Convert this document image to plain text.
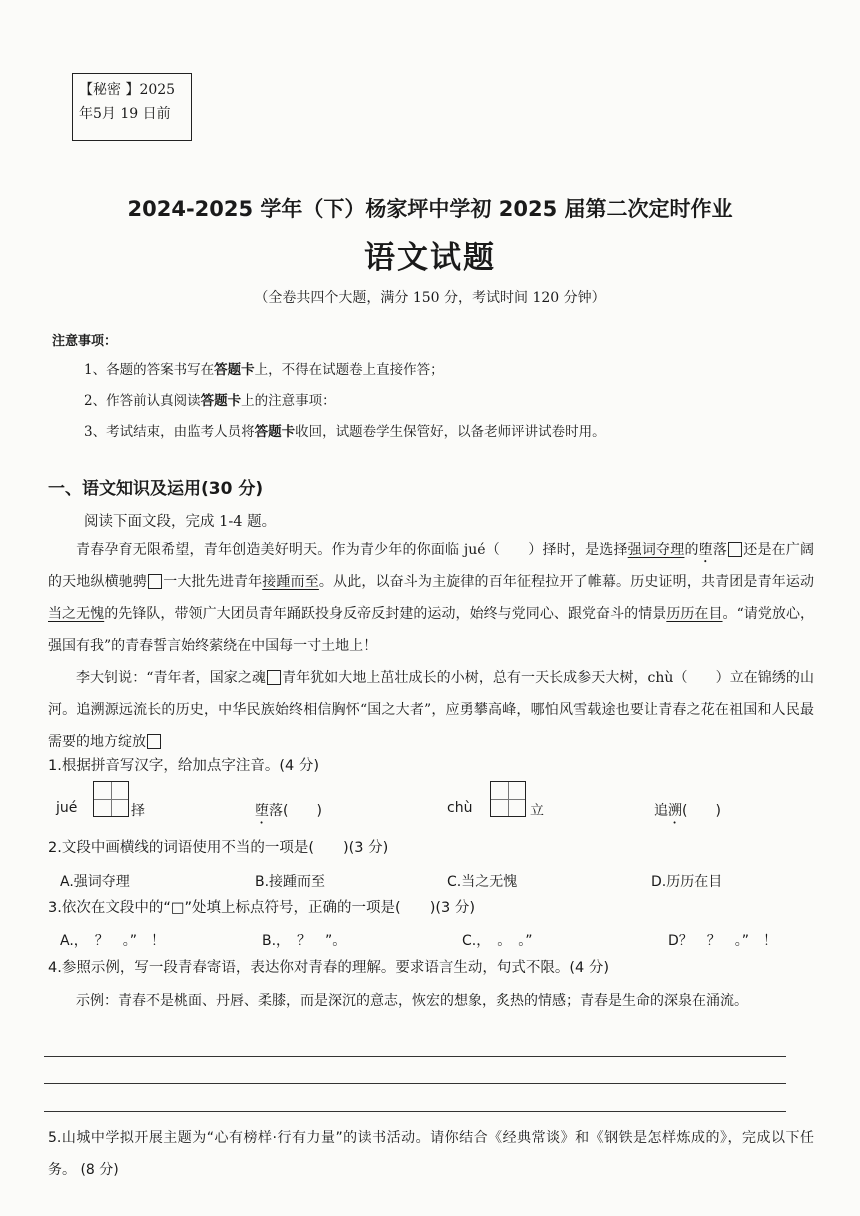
【秘密 】2025
年5月 19 日前
2024-2025 学年（下）杨家坪中学初 2025 届第二次定时作业
语文试题
（全卷共四个大题，满分 150 分，考试时间 120 分钟）
注意事项：
1、各题的答案书写在答题卡上，不得在试题卷上直接作答；
2、作答前认真阅读答题卡上的注意事项：
3、考试结束，由监考人员将答题卡收回，试题卷学生保管好，以备老师评讲试卷时用。
一、语文知识及运用(30 分)
阅读下面文段，完成 1-4 题。
青春孕育无限希望，青年创造美好明天。作为青少年的你面临 jué（　　）择时，是选择强词夺理的堕落 还是在广阔的天地纵横驰骋 一大批先进青年接踵而至。从此，以奋斗为主旋律的百年征程拉开了帷幕。历史证明，共青团是青年运动当之无愧的先锋队，带领广大团员青年踊跃投身反帝反封建的运动，始终与党同心、跟党奋斗的情景历历在目。“请党放心，强国有我”的青春誓言始终萦绕在中国每一寸土地上！
李大钊说：“青年者，国家之魂 青年犹如大地上茁壮成长的小树，总有一天长成参天大树，chù（　　）立在锦绣的山河。追溯源远流长的历史，中华民族始终相信胸怀“国之大者”，应勇攀高峰，哪怕风雪载途也要让青春之花在祖国和人民最需要的地方绽放
1.根据拼音写汉字，给加点字注音。(4 分)
jué	择	堕落(　　)	chù	立	追溯(　　)
2.文段中画横线的词语使用不当的一项是(　　)(3 分)
A.强词夺理	B.接踵而至	C.当之无愧	D.历历在目
3.依次在文段中的“□”处填上标点符号，正确的一项是(　　)(3 分)
A.，　？　。”　！	B.，　？　”。	C.，　。　。”	D？　？　。”　！
4.参照示例，写一段青春寄语，表达你对青春的理解。要求语言生动，句式不限。(4 分)
示例：青春不是桃面、丹唇、柔膝，而是深沉的意志，恢宏的想象，炙热的情感；青春是生命的深泉在涌流。
5.山城中学拟开展主题为“心有榜样·行有力量”的读书活动。请你结合《经典常谈》和《钢铁是怎样炼成的》，完成以下任务。 (8 分)
